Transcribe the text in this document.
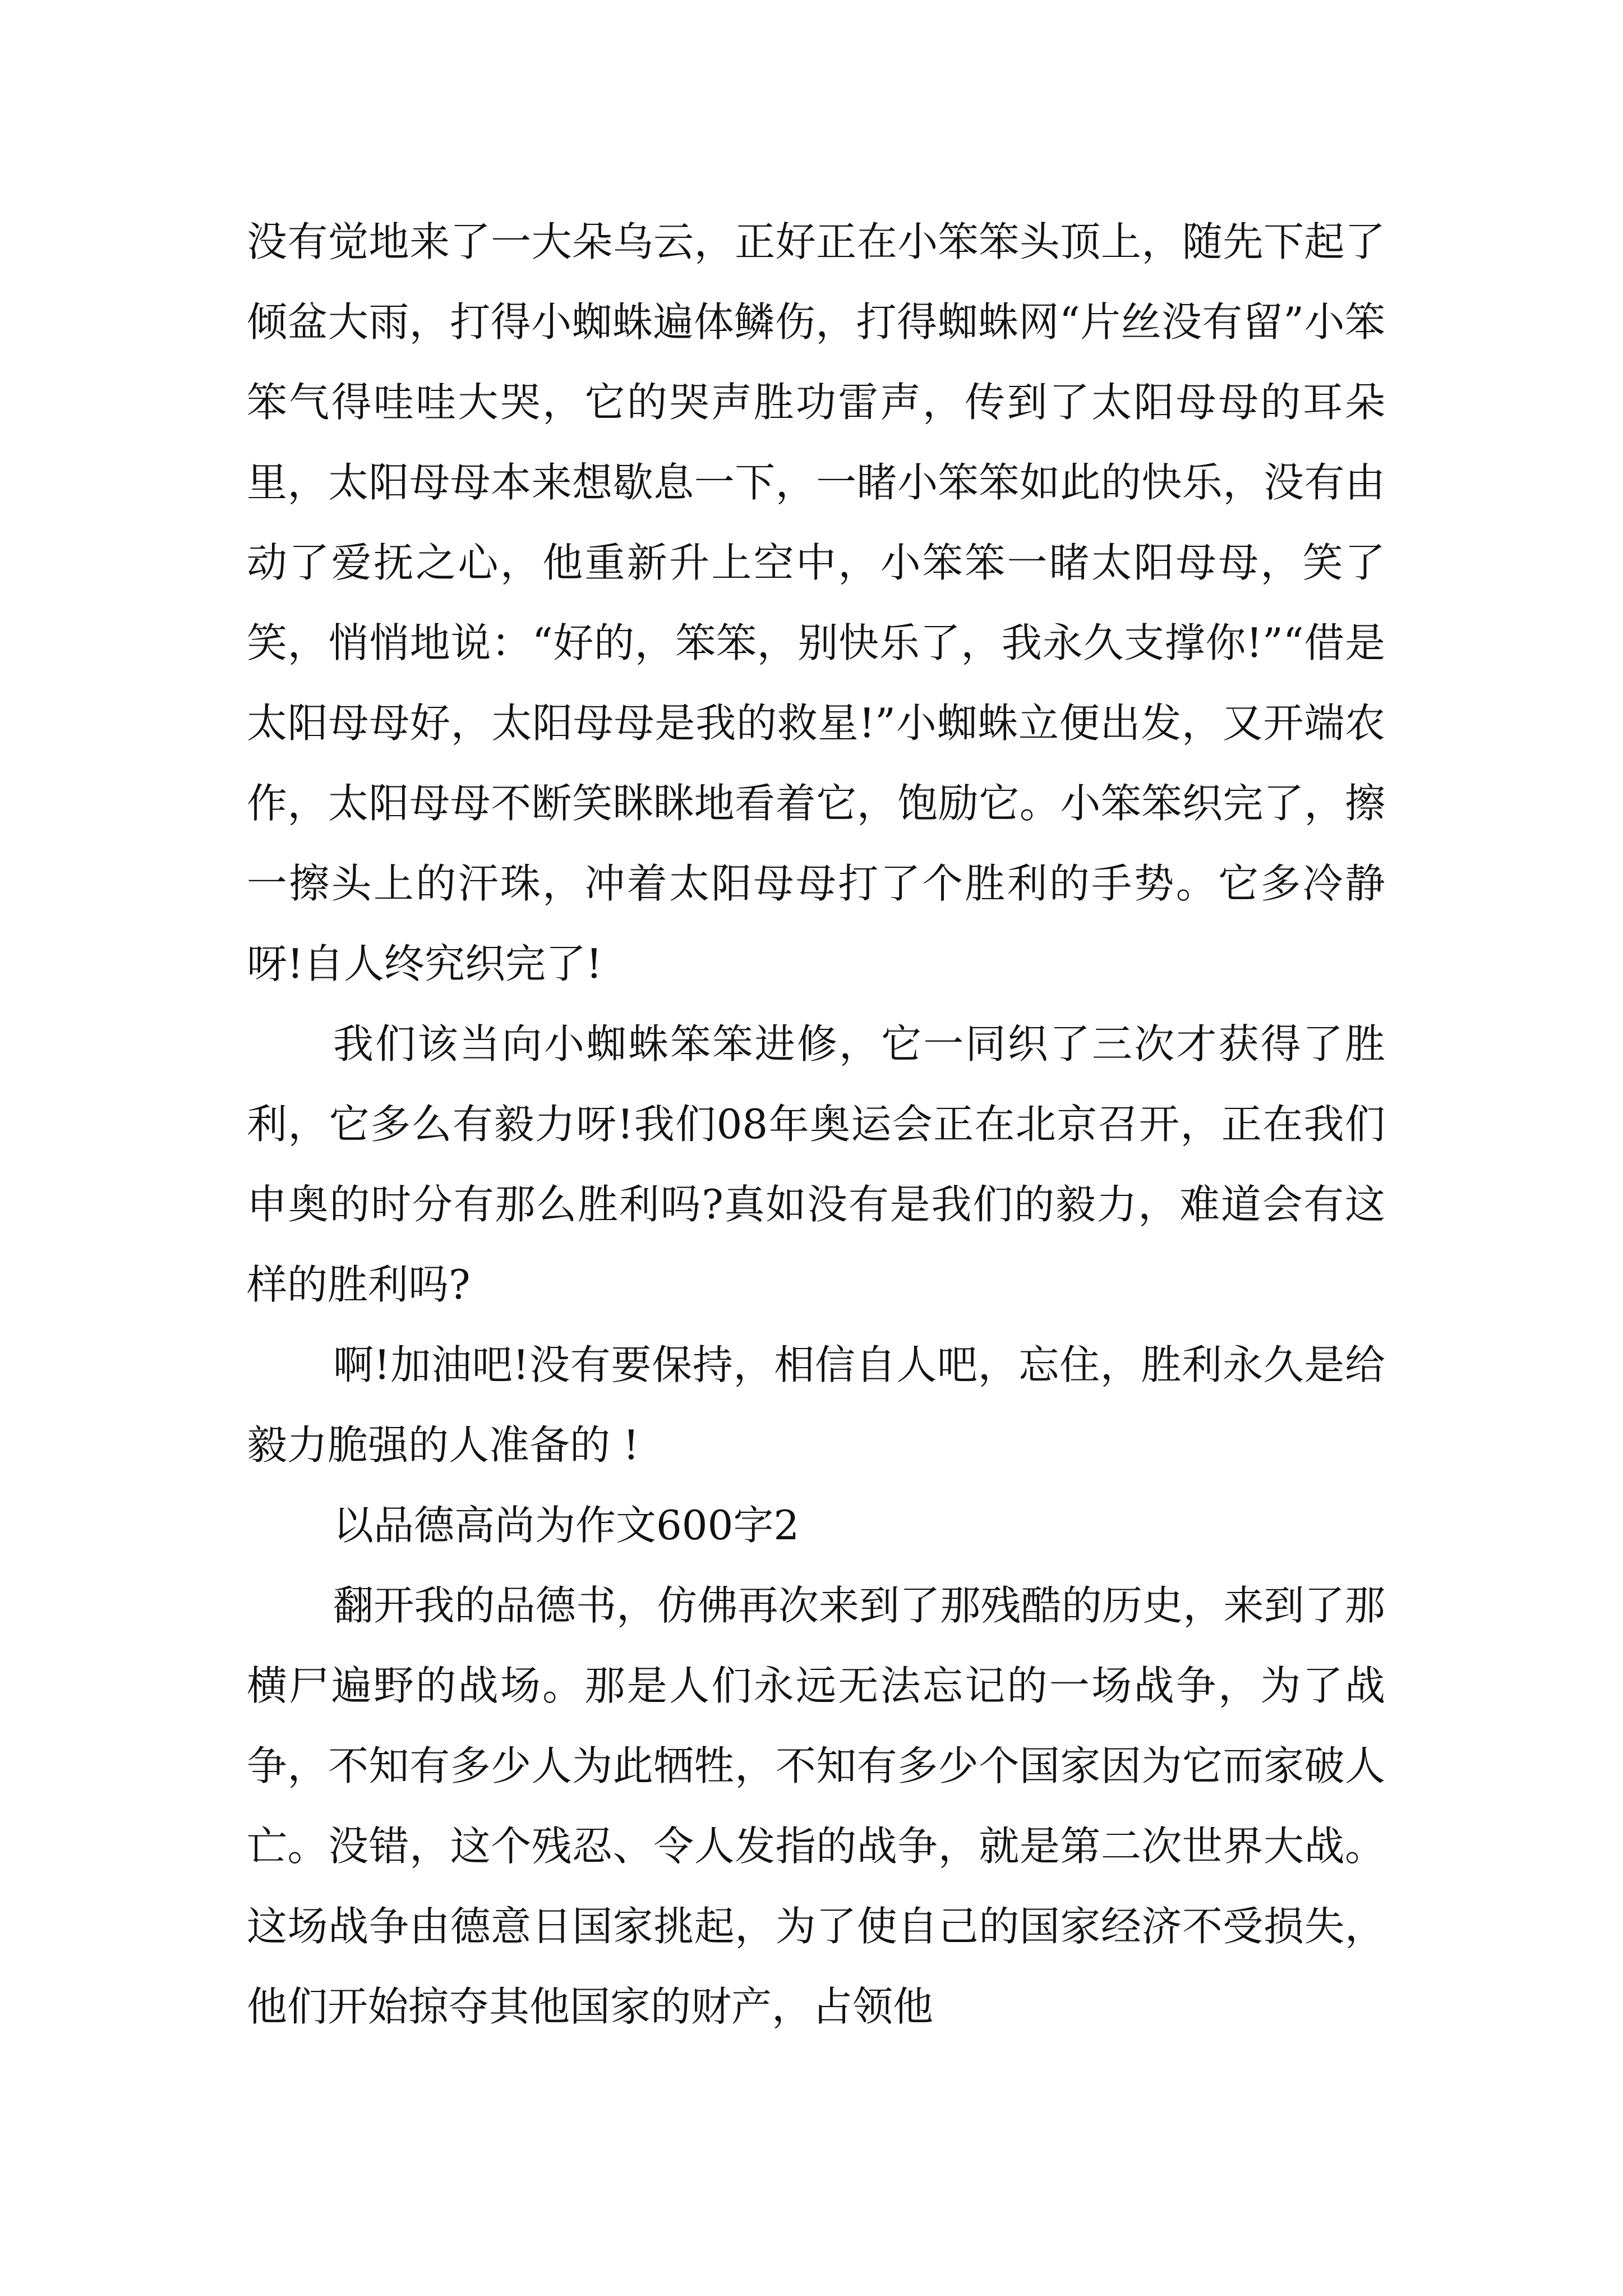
没有觉地来了一大朵乌云，正好正在小笨笨头顶上，随先下起了倾盆大雨，打得小蜘蛛遍体鳞伤，打得蜘蛛网“片丝没有留”小笨笨气得哇哇大哭，它的哭声胜功雷声，传到了太阳母母的耳朵里，太阳母母本来想歇息一下，一睹小笨笨如此的快乐，没有由动了爱抚之心，他重新升上空中，小笨笨一睹太阳母母，笑了笑，悄悄地说：“好的，笨笨，别快乐了，我永久支撑你!”“借是太阳母母好，太阳母母是我的救星!”小蜘蛛立便出发，又开端农作，太阳母母不断笑眯眯地看着它，饱励它。小笨笨织完了，擦一擦头上的汗珠，冲着太阳母母打了个胜利的手势。它多冷静呀!自人终究织完了!

我们该当向小蜘蛛笨笨进修，它一同织了三次才获得了胜利，它多么有毅力呀!我们08年奥运会正在北京召开，正在我们申奥的时分有那么胜利吗?真如没有是我们的毅力，难道会有这样的胜利吗?

啊!加油吧!没有要保持，相信自人吧，忘住，胜利永久是给毅力脆强的人准备的 !

以品德高尚为作文600字2

翻开我的品德书，仿佛再次来到了那残酷的历史，来到了那横尸遍野的战场。那是人们永远无法忘记的一场战争，为了战争，不知有多少人为此牺牲，不知有多少个国家因为它而家破人亡。没错，这个残忍、令人发指的战争，就是第二次世界大战。这场战争由德意日国家挑起，为了使自己的国家经济不受损失，他们开始掠夺其他国家的财产，占领他
